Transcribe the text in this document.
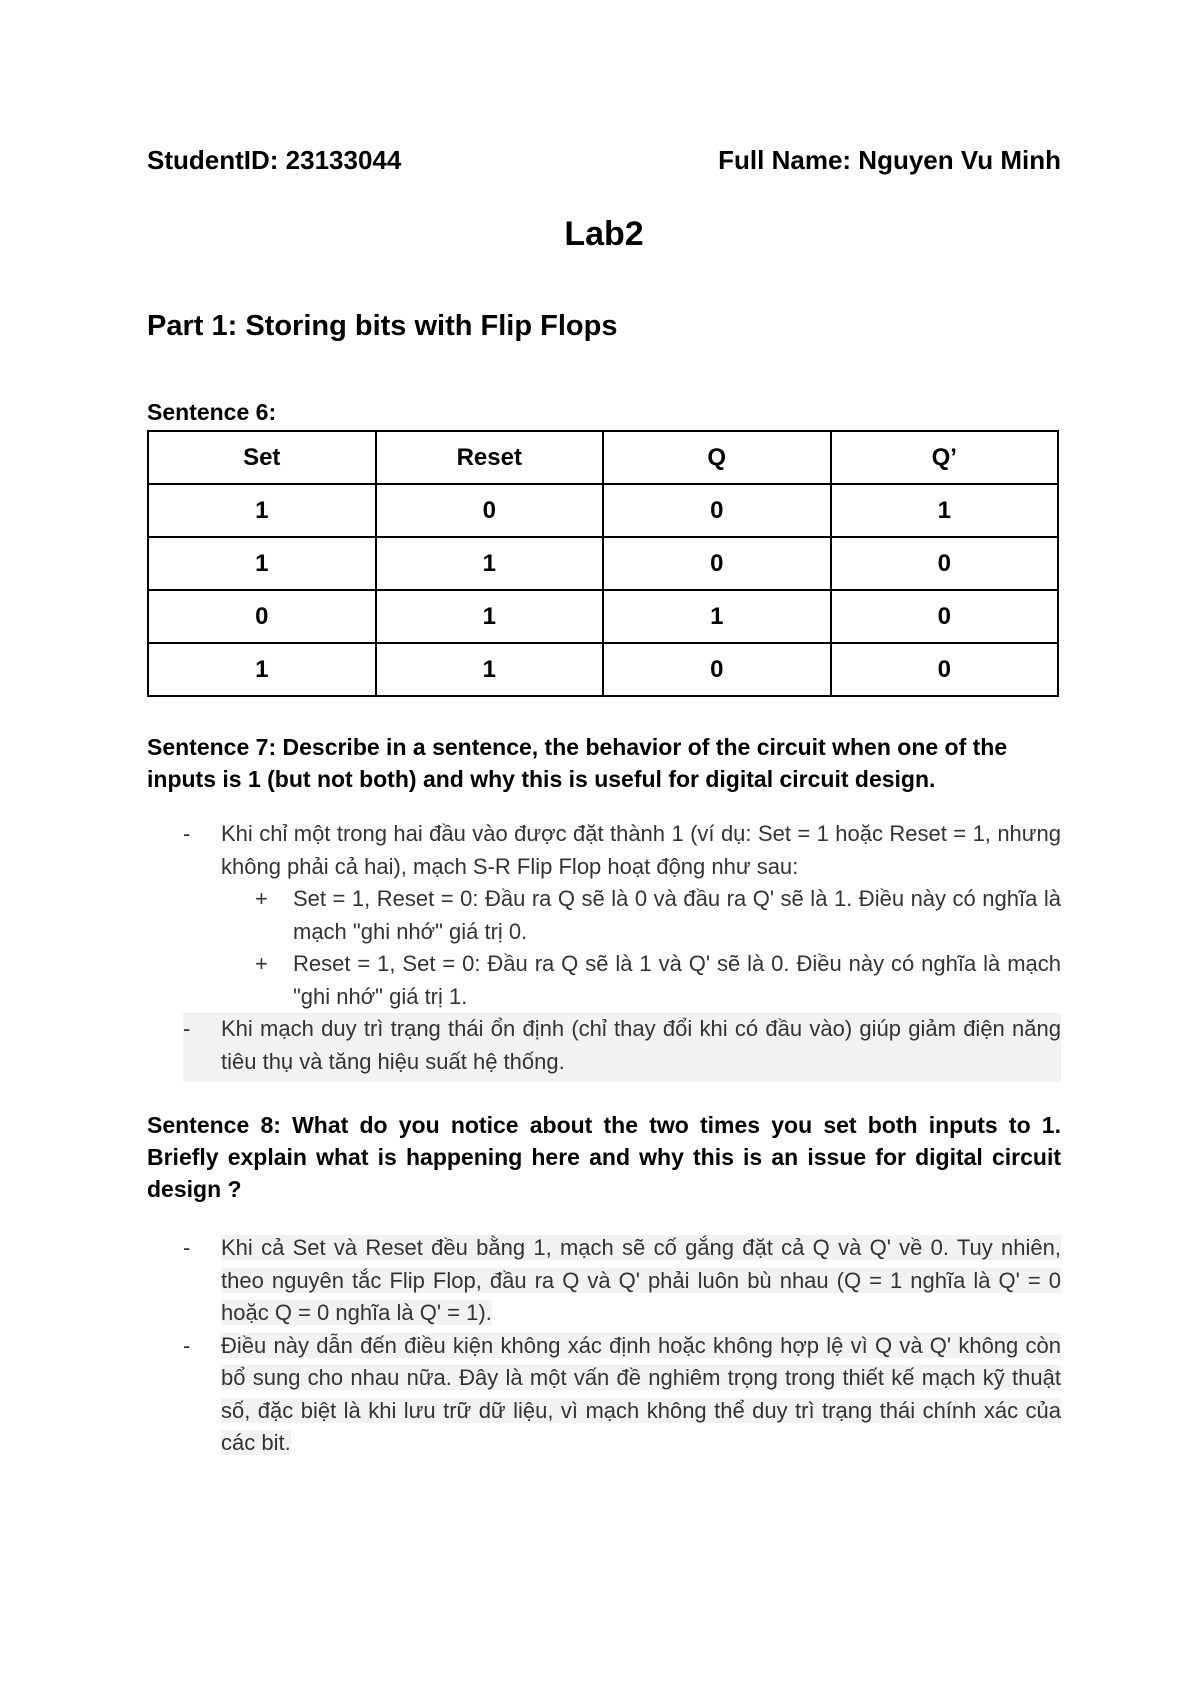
StudentID: 23133044	Full Name: Nguyen Vu Minh
Lab2
Part 1: Storing bits with Flip Flops
Sentence 6:
Set	Reset	Q	Q’
1	0	0	1
1	1	0	0
0	1	1	0
1	1	0	0
Sentence 7: Describe in a sentence, the behavior of the circuit when one of the inputs is 1 (but not both) and why this is useful for digital circuit design.
- Khi chỉ một trong hai đầu vào được đặt thành 1 (ví dụ: Set = 1 hoặc Reset = 1, nhưng không phải cả hai), mạch S-R Flip Flop hoạt động như sau:
+ Set = 1, Reset = 0: Đầu ra Q sẽ là 0 và đầu ra Q' sẽ là 1. Điều này có nghĩa là mạch "ghi nhớ" giá trị 0.
+ Reset = 1, Set = 0: Đầu ra Q sẽ là 1 và Q' sẽ là 0. Điều này có nghĩa là mạch "ghi nhớ" giá trị 1.
- Khi mạch duy trì trạng thái ổn định (chỉ thay đổi khi có đầu vào) giúp giảm điện năng tiêu thụ và tăng hiệu suất hệ thống.
Sentence 8: What do you notice about the two times you set both inputs to 1. Briefly explain what is happening here and why this is an issue for digital circuit design ?
- Khi cả Set và Reset đều bằng 1, mạch sẽ cố gắng đặt cả Q và Q' về 0. Tuy nhiên, theo nguyên tắc Flip Flop, đầu ra Q và Q' phải luôn bù nhau (Q = 1 nghĩa là Q' = 0 hoặc Q = 0 nghĩa là Q' = 1).
- Điều này dẫn đến điều kiện không xác định hoặc không hợp lệ vì Q và Q' không còn bổ sung cho nhau nữa. Đây là một vấn đề nghiêm trọng trong thiết kế mạch kỹ thuật số, đặc biệt là khi lưu trữ dữ liệu, vì mạch không thể duy trì trạng thái chính xác của các bit.
